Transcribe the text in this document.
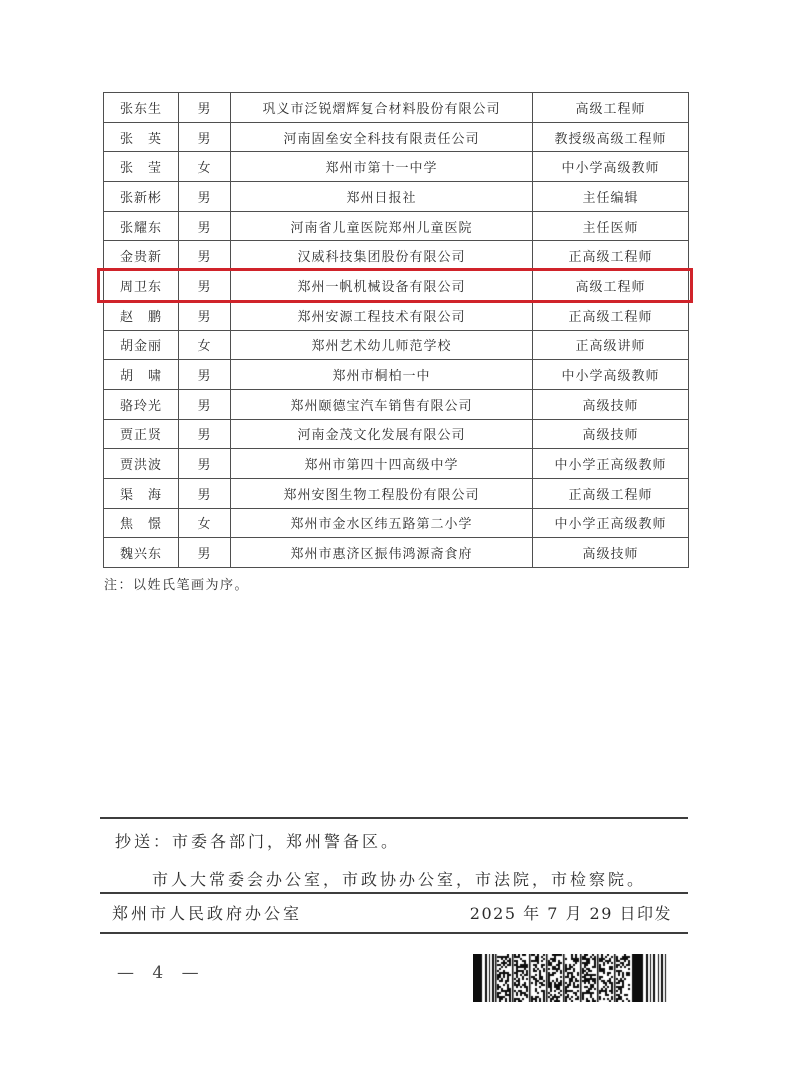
张东生	男	巩义市泛锐熠辉复合材料股份有限公司	高级工程师
张　英	男	河南固垒安全科技有限责任公司	教授级高级工程师
张　莹	女	郑州市第十一中学	中小学高级教师
张新彬	男	郑州日报社	主任编辑
张耀东	男	河南省儿童医院郑州儿童医院	主任医师
金贵新	男	汉威科技集团股份有限公司	正高级工程师
周卫东	男	郑州一帆机械设备有限公司	高级工程师
赵　鹏	男	郑州安源工程技术有限公司	正高级工程师
胡金丽	女	郑州艺术幼儿师范学校	正高级讲师
胡　啸	男	郑州市桐柏一中	中小学高级教师
骆玲光	男	郑州颐德宝汽车销售有限公司	高级技师
贾正贤	男	河南金茂文化发展有限公司	高级技师
贾洪波	男	郑州市第四十四高级中学	中小学正高级教师
渠　海	男	郑州安图生物工程股份有限公司	正高级工程师
焦　憬	女	郑州市金水区纬五路第二小学	中小学正高级教师
魏兴东	男	郑州市惠济区振伟鸿源斋食府	高级技师
注：以姓氏笔画为序。
抄送：市委各部门，郑州警备区。
市人大常委会办公室，市政协办公室，市法院，市检察院。
郑州市人民政府办公室	2025 年 7 月 29 日印发
— 4 —
